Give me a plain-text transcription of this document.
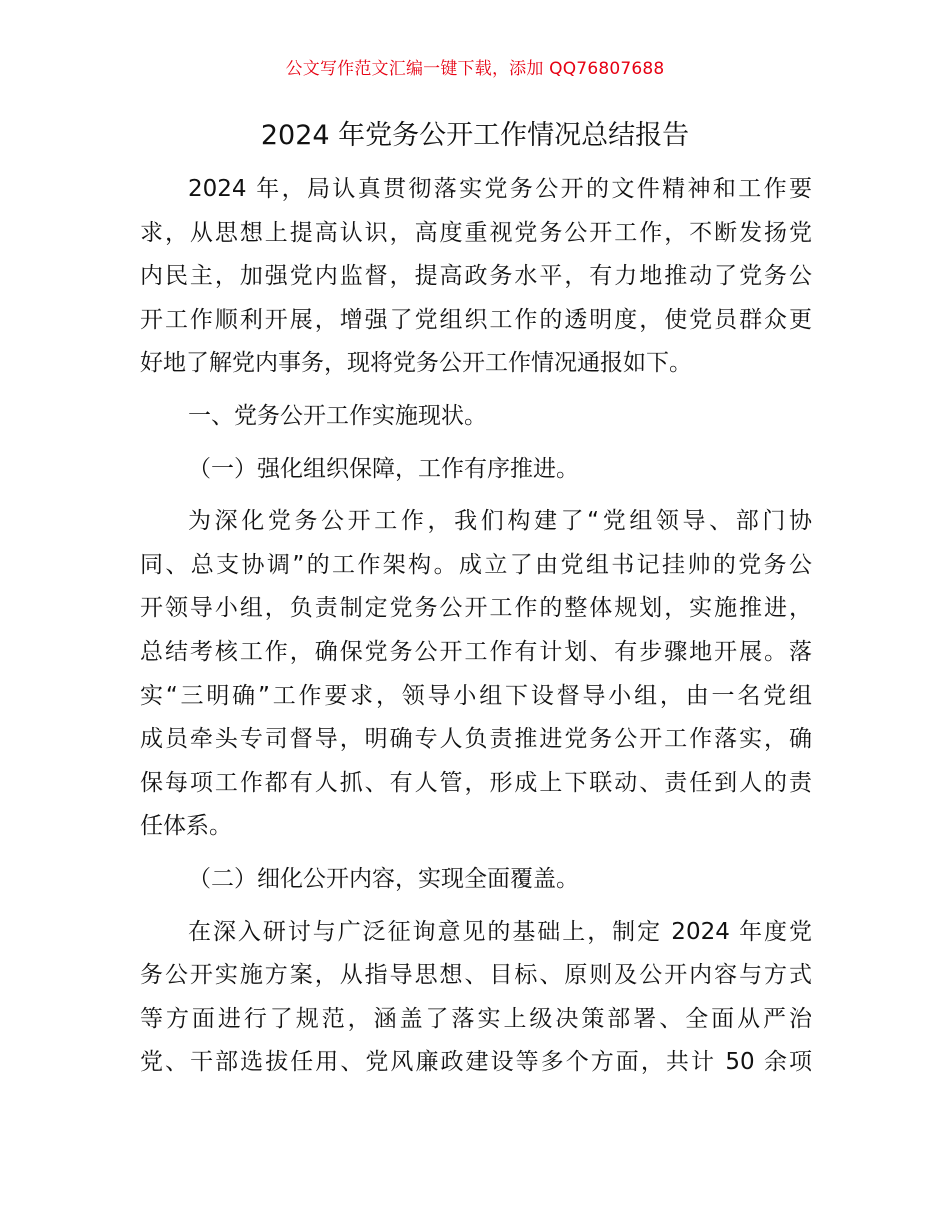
公文写作范文汇编一键下载，添加 QQ76807688
2024 年党务公开工作情况总结报告
2024 年，局认真贯彻落实党务公开的文件精神和工作要
求，从思想上提高认识，高度重视党务公开工作，不断发扬党
内民主，加强党内监督，提高政务水平，有力地推动了党务公
开工作顺利开展，增强了党组织工作的透明度，使党员群众更
好地了解党内事务，现将党务公开工作情况通报如下。
一、党务公开工作实施现状。
（一）强化组织保障，工作有序推进。
为深化党务公开工作，我们构建了“党组领导、部门协
同、总支协调”的工作架构。成立了由党组书记挂帅的党务公
开领导小组，负责制定党务公开工作的整体规划，实施推进，
总结考核工作，确保党务公开工作有计划、有步骤地开展。落
实“三明确”工作要求，领导小组下设督导小组，由一名党组
成员牵头专司督导，明确专人负责推进党务公开工作落实，确
保每项工作都有人抓、有人管，形成上下联动、责任到人的责
任体系。
（二）细化公开内容，实现全面覆盖。
在深入研讨与广泛征询意见的基础上，制定 2024 年度党
务公开实施方案，从指导思想、目标、原则及公开内容与方式
等方面进行了规范，涵盖了落实上级决策部署、全面从严治
党、干部选拔任用、党风廉政建设等多个方面，共计 50 余项
